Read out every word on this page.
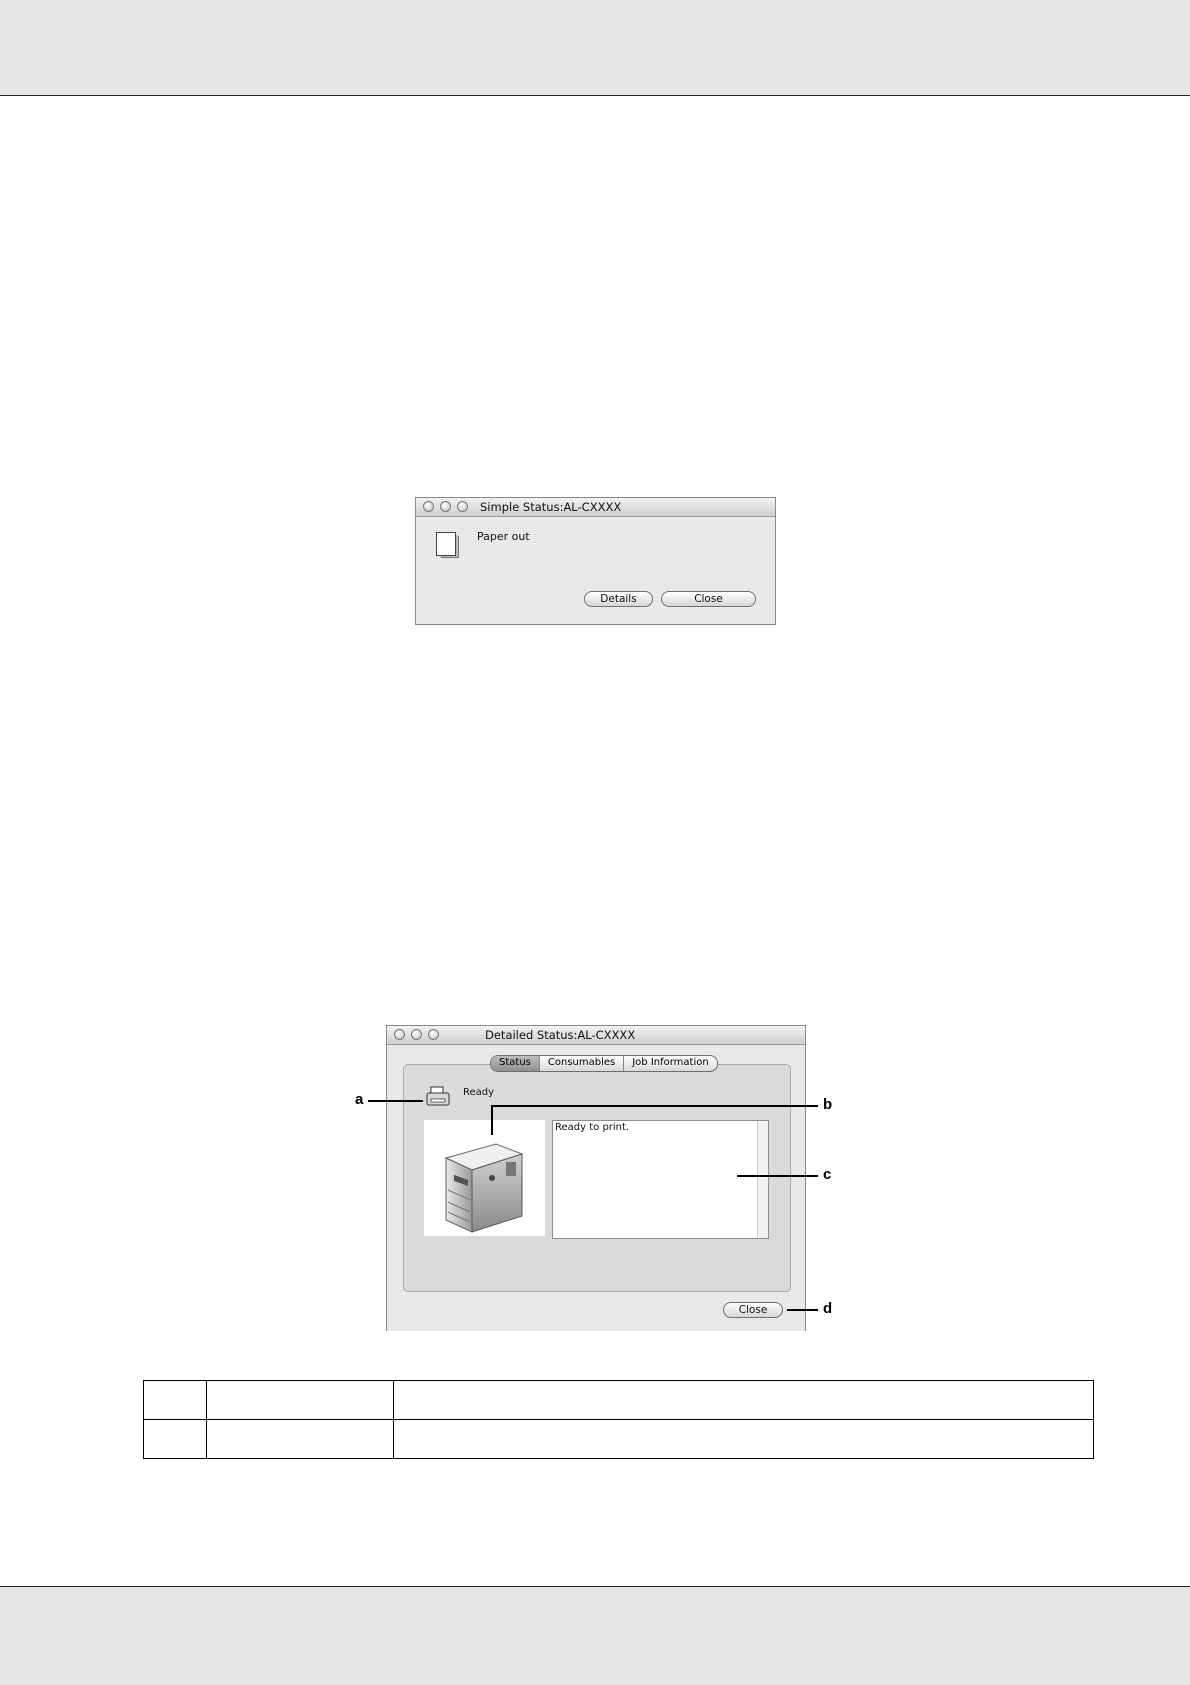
Simple Status:AL-CXXXX
Paper out
Details	Close
Detailed Status:AL-CXXXX
Status	Consumables	Job Information
Ready
Ready to print.
Close
a	b
c
d
